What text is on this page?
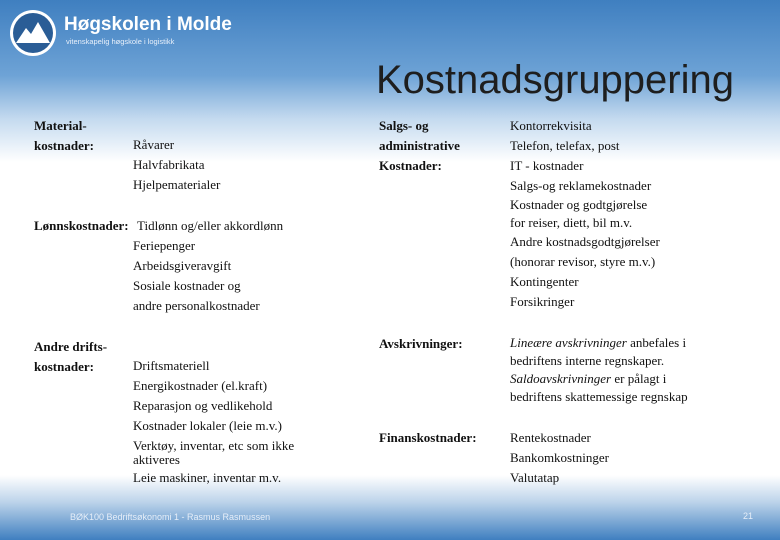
Høgskolen i Molde
vitenskapelig høgskole i logistikk
Kostnadsgruppering
Material-
kostnader:	Råvarer
Halvfabrikata
Hjelpematerialer
Lønnskostnader: Tidlønn og/eller akkordlønn
Feriepenger
Arbeidsgiveravgift
Sosiale kostnader og
andre personalkostnader
Andre drifts-
kostnader:	Driftsmateriell
Energikostnader (el.kraft)
Reparasjon og vedlikehold
Kostnader lokaler (leie m.v.)
Verktøy, inventar, etc som ikke
aktiveres
Leie maskiner, inventar m.v.
Salgs- og
administrative
Kostnader:
Kontorrekvisita
Telefon, telefax, post
IT - kostnader
Salgs-og reklamekostnader
Kostnader og godtgjørelse
for reiser, diett, bil m.v.
Andre kostnadsgodtgjørelser
(honorar revisor, styre m.v.)
Kontingenter
Forsikringer
Avskrivninger:	Lineære avskrivninger anbefales i
bedriftens interne regnskaper.
Saldoavskrivninger er pålagt i
bedriftens skattemessige regnskap
Finanskostnader:	Rentekostnader
Bankomkostninger
Valutatap
BØK100 Bedriftsøkonomi 1 - Rasmus Rasmussen	21
